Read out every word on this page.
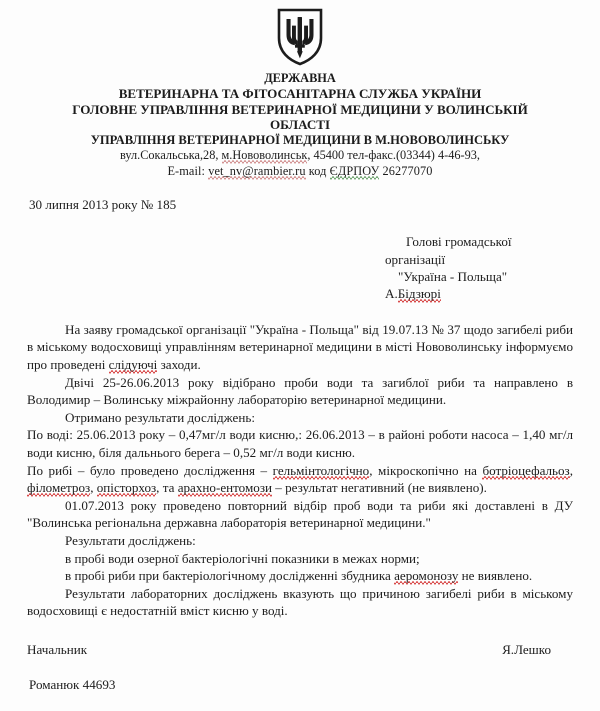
ДЕРЖАВНА
ВЕТЕРИНАРНА ТА ФІТОСАНІТАРНА СЛУЖБА УКРАЇНИ
ГОЛОВНЕ УПРАВЛІННЯ ВЕТЕРИНАРНОЇ МЕДИЦИНИ У ВОЛИНСЬКІЙ
ОБЛАСТІ
УПРАВЛІННЯ ВЕТЕРИНАРНОЇ МЕДИЦИНИ В М.НОВОВОЛИНСЬКУ
вул.Сокальська,28, м.Нововолинськ, 45400 тел-факс.(03344) 4-46-93,
E-mail: vet_nv@rambier.ru код ЄДРПОУ 26277070
30 липня 2013 року № 185
Голові громадської
організації
"Україна - Польща"
А.Бідзюрі

На заяву громадської організації "Україна - Польща" від 19.07.13 № 37 щодо загибелі риби в міському водосховищі управлінням ветеринарної медицини в місті Нововолинську інформуємо про проведені слідуючі заходи.

Двічі 25-26.06.2013 року відібрано проби води та загиблої риби та направлено в Володимир – Волинську міжрайонну лабораторію ветеринарної медицини.

Отримано результати досліджень:

По воді: 25.06.2013 року – 0,47мг/л води кисню,: 26.06.2013 – в районі роботи насоса – 1,40 мг/л води кисню, біля дальнього берега – 0,52 мг/л води кисню.

По рибі – було проведено дослідження – гельмінтологічно, мікроскопічно на ботріоцефальоз, філометроз, опісторхоз, та арахно-ентомози – результат негативний (не виявлено).

01.07.2013 року проведено повторний відбір проб води та риби які доставлені в ДУ "Волинська регіональна державна лабораторія ветеринарної медицини."

Результати досліджень:

в пробі води озерної бактеріологічні показники в межах норми;

в пробі риби при бактеріологічному дослідженні збудника аеромонозу не виявлено.

Результати лабораторних досліджень вказують що причиною загибелі риби в міському водосховищі є недостатній вміст кисню у воді.

Начальник	Я.Лешко
Романюк 44693
